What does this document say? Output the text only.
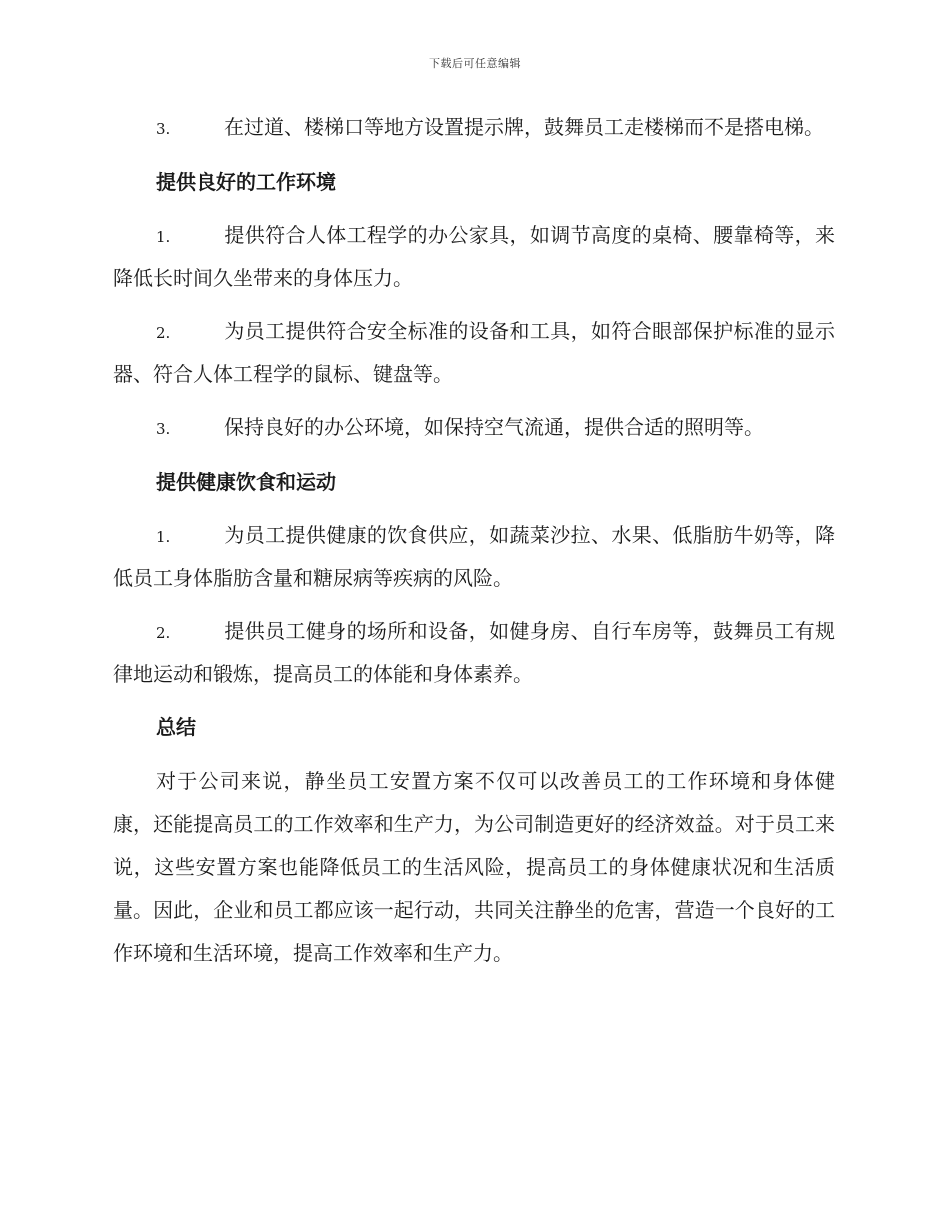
下载后可任意编辑

3.	在过道、楼梯口等地方设置提示牌，鼓舞员工走楼梯而不是搭电梯。

提供良好的工作环境

1.	提供符合人体工程学的办公家具，如调节高度的桌椅、腰靠椅等，来降低长时间久坐带来的身体压力。

2.	为员工提供符合安全标准的设备和工具，如符合眼部保护标准的显示器、符合人体工程学的鼠标、键盘等。

3.	保持良好的办公环境，如保持空气流通，提供合适的照明等。

提供健康饮食和运动

1.	为员工提供健康的饮食供应，如蔬菜沙拉、水果、低脂肪牛奶等，降低员工身体脂肪含量和糖尿病等疾病的风险。

2.	提供员工健身的场所和设备，如健身房、自行车房等，鼓舞员工有规律地运动和锻炼，提高员工的体能和身体素养。

总结

对于公司来说，静坐员工安置方案不仅可以改善员工的工作环境和身体健康，还能提高员工的工作效率和生产力，为公司制造更好的经济效益。对于员工来说，这些安置方案也能降低员工的生活风险，提高员工的身体健康状况和生活质量。因此，企业和员工都应该一起行动，共同关注静坐的危害，营造一个良好的工作环境和生活环境，提高工作效率和生产力。
